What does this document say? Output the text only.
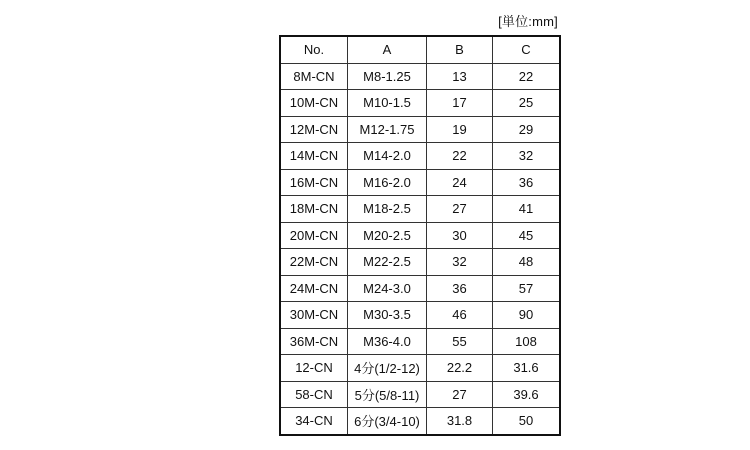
[単位:mm]
No.	A	B	C
8M-CN	M8-1.25	13	22
10M-CN	M10-1.5	17	25
12M-CN	M12-1.75	19	29
14M-CN	M14-2.0	22	32
16M-CN	M16-2.0	24	36
18M-CN	M18-2.5	27	41
20M-CN	M20-2.5	30	45
22M-CN	M22-2.5	32	48
24M-CN	M24-3.0	36	57
30M-CN	M30-3.5	46	90
36M-CN	M36-4.0	55	108
12-CN	4分(1/2-12)	22.2	31.6
58-CN	5分(5/8-11)	27	39.6
34-CN	6分(3/4-10)	31.8	50
